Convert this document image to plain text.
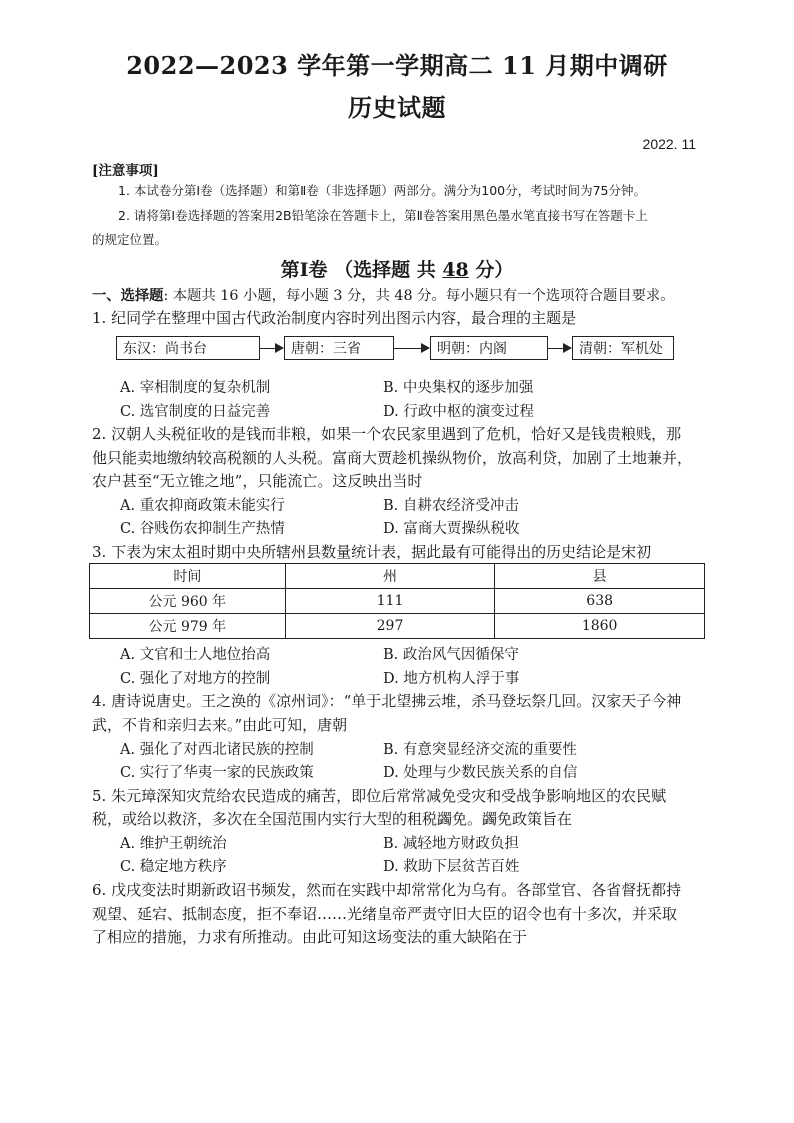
2022—2023 学年第一学期高二 11 月期中调研
历史试题
2022. 11
[注意事项]
1. 本试卷分第Ⅰ卷（选择题）和第Ⅱ卷（非选择题）两部分。满分为100分，考试时间为75分钟。
2. 请将第Ⅰ卷选择题的答案用2B铅笔涂在答题卡上，第Ⅱ卷答案用黑色墨水笔直接书写在答题卡上
的规定位置。
第Ⅰ卷 （选择题 共 48 分）
一、选择题: 本题共 16 小题，每小题 3 分，共 48 分。每小题只有一个选项符合题目要求。
1. 纪同学在整理中国古代政治制度内容时列出图示内容，最合理的主题是
东汉：尚书台	唐朝：三省	明朝：内阁	清朝：军机处
A. 宰相制度的复杂机制	B. 中央集权的逐步加强
C. 选官制度的日益完善	D. 行政中枢的演变过程
2. 汉朝人头税征收的是钱而非粮，如果一个农民家里遇到了危机，恰好又是钱贵粮贱，那
他只能卖地缴纳较高税额的人头税。富商大贾趁机操纵物价，放高利贷，加剧了土地兼并，
农户甚至“无立锥之地”，只能流亡。这反映出当时
A. 重农抑商政策未能实行	B. 自耕农经济受冲击
C. 谷贱伤农抑制生产热情	D. 富商大贾操纵税收
3. 下表为宋太祖时期中央所辖州县数量统计表，据此最有可能得出的历史结论是宋初
时间	州	县
公元 960 年	111	638
公元 979 年	297	1860
A. 文官和士人地位抬高	B. 政治风气因循保守
C. 强化了对地方的控制	D. 地方机构人浮于事
4. 唐诗说唐史。王之涣的《凉州词》：“单于北望拂云堆，杀马登坛祭几回。汉家天子今神
武，不肯和亲归去来。”由此可知，唐朝
A. 强化了对西北诸民族的控制	B. 有意突显经济交流的重要性
C. 实行了华夷一家的民族政策	D. 处理与少数民族关系的自信
5. 朱元璋深知灾荒给农民造成的痛苦，即位后常常减免受灾和受战争影响地区的农民赋
税，或给以救济，多次在全国范围内实行大型的租税蠲免。蠲免政策旨在
A. 维护王朝统治	B. 减轻地方财政负担
C. 稳定地方秩序	D. 救助下层贫苦百姓
6. 戊戌变法时期新政诏书频发，然而在实践中却常常化为乌有。各部堂官、各省督抚都持
观望、延宕、抵制态度，拒不奉诏……光绪皇帝严责守旧大臣的诏令也有十多次，并采取
了相应的措施，力求有所推动。由此可知这场变法的重大缺陷在于
